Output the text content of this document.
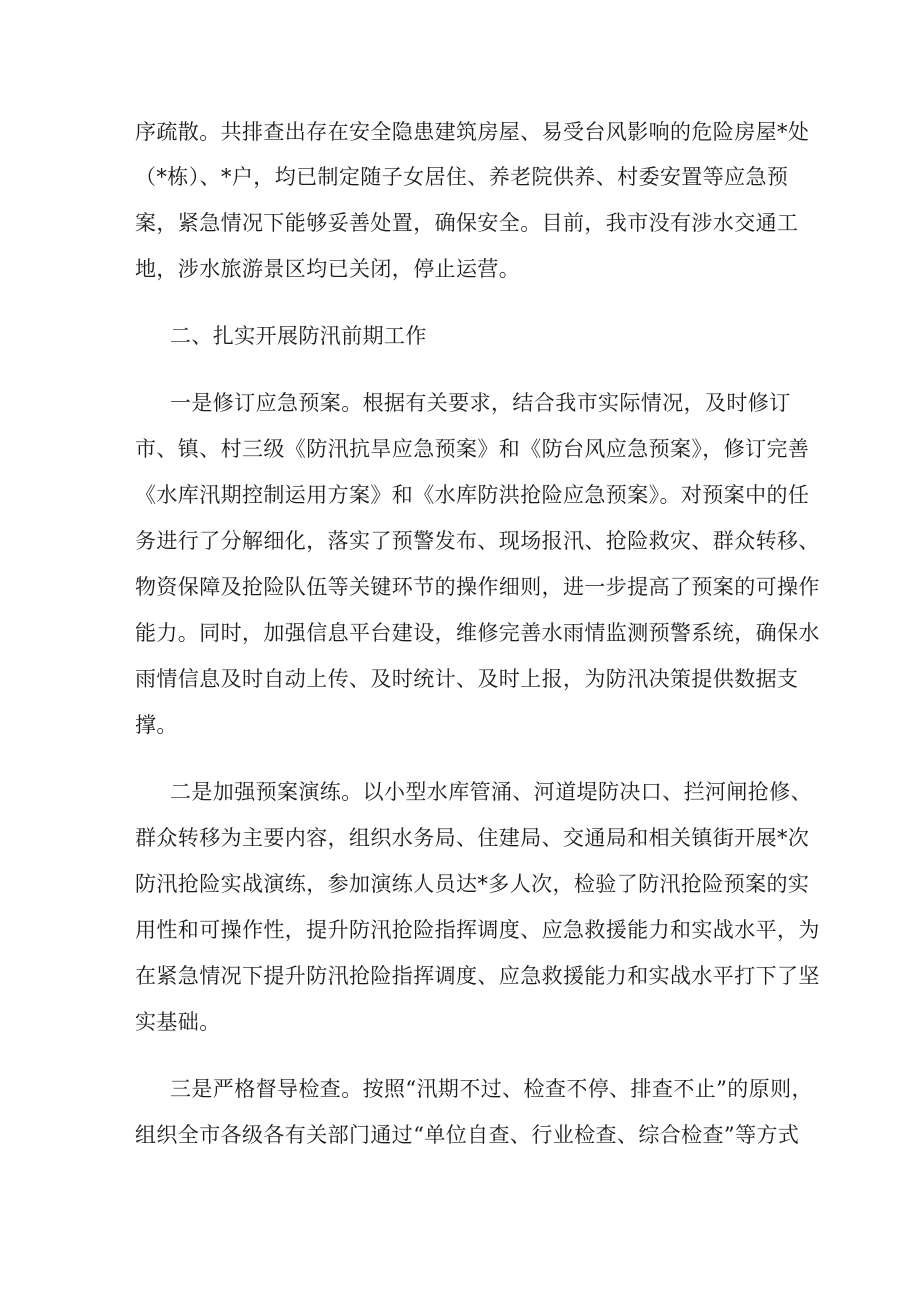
序疏散。共排查出存在安全隐患建筑房屋、易受台风影响的危险房屋*处
（*栋）、*户，均已制定随子女居住、养老院供养、村委安置等应急预
案，紧急情况下能够妥善处置，确保安全。目前，我市没有涉水交通工
地，涉水旅游景区均已关闭，停止运营。
二、扎实开展防汛前期工作
一是修订应急预案。根据有关要求，结合我市实际情况，及时修订
市、镇、村三级《防汛抗旱应急预案》和《防台风应急预案》，修订完善
《水库汛期控制运用方案》和《水库防洪抢险应急预案》。对预案中的任
务进行了分解细化，落实了预警发布、现场报汛、抢险救灾、群众转移、
物资保障及抢险队伍等关键环节的操作细则，进一步提高了预案的可操作
能力。同时，加强信息平台建设，维修完善水雨情监测预警系统，确保水
雨情信息及时自动上传、及时统计、及时上报，为防汛决策提供数据支
撑。
二是加强预案演练。以小型水库管涌、河道堤防决口、拦河闸抢修、
群众转移为主要内容，组织水务局、住建局、交通局和相关镇街开展*次
防汛抢险实战演练，参加演练人员达*多人次，检验了防汛抢险预案的实
用性和可操作性，提升防汛抢险指挥调度、应急救援能力和实战水平，为
在紧急情况下提升防汛抢险指挥调度、应急救援能力和实战水平打下了坚
实基础。
三是严格督导检查。按照“汛期不过、检查不停、排查不止”的原则，
组织全市各级各有关部门通过“单位自查、行业检查、综合检查”等方式
